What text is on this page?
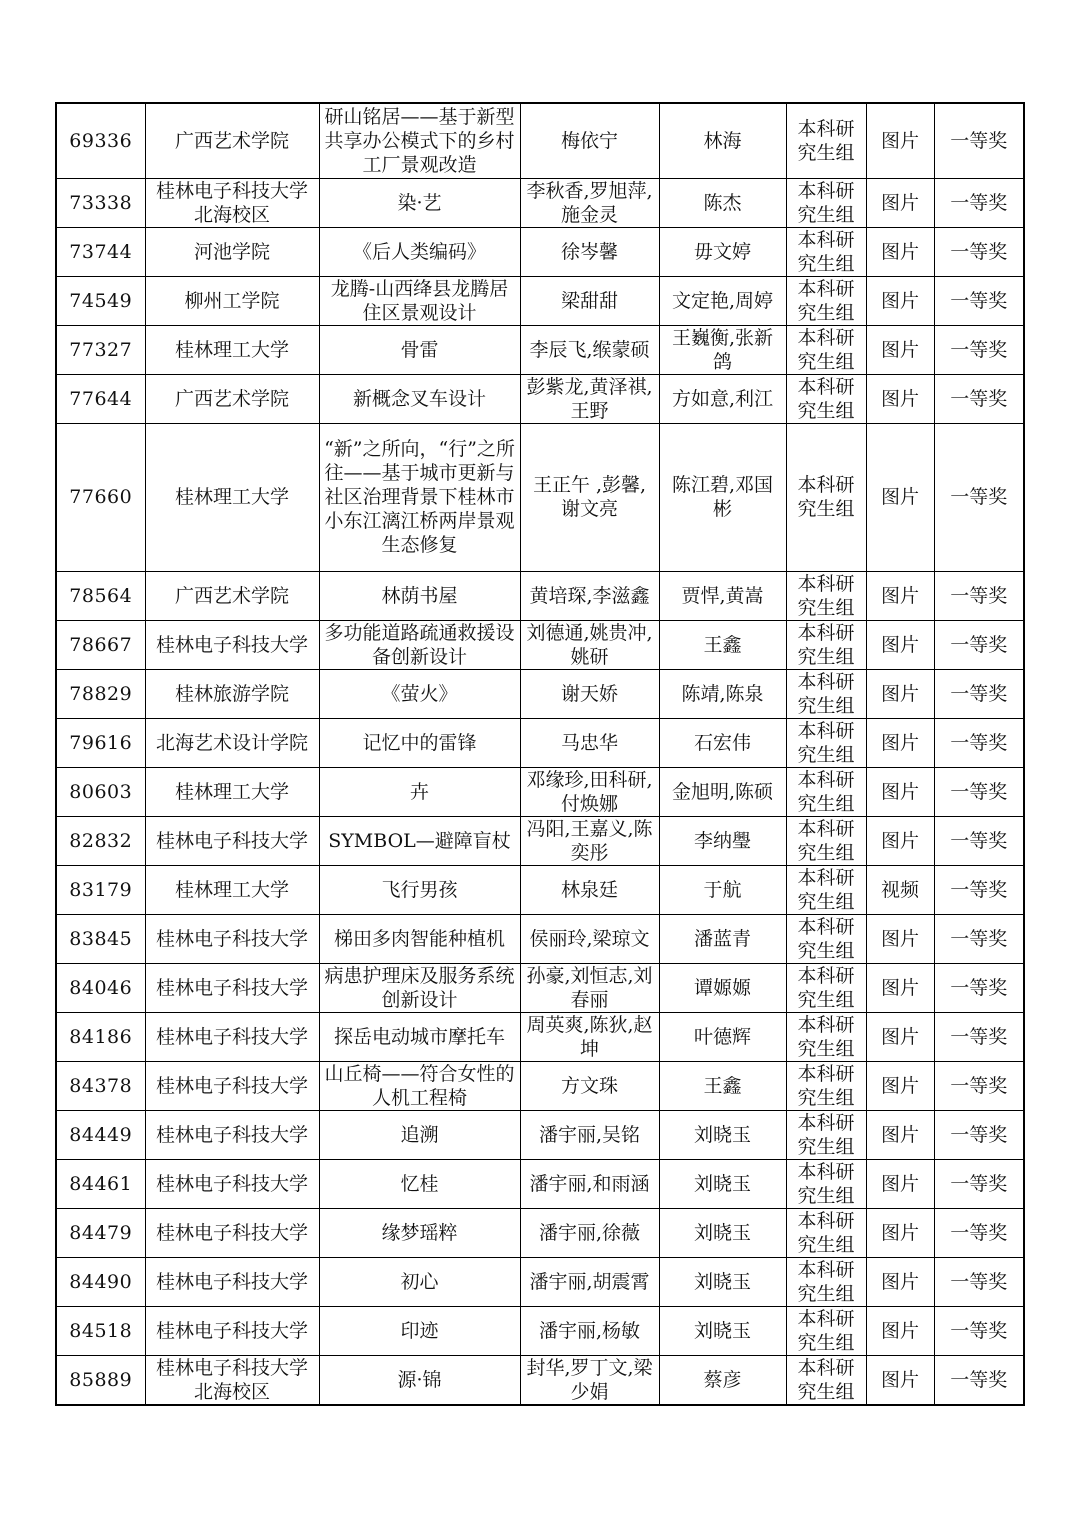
69336	广西艺术学院	研山铭居——基于新型共享办公模式下的乡村工厂景观改造	梅依宁	林海	本科研究生组	图片	一等奖
73338	桂林电子科技大学北海校区	染·艺	李秋香,罗旭萍,施金灵	陈杰	本科研究生组	图片	一等奖
73744	河池学院	《后人类编码》	徐岑馨	毋文婷	本科研究生组	图片	一等奖
74549	柳州工学院	龙腾-山西绛县龙腾居住区景观设计	梁甜甜	文定艳,周婷	本科研究生组	图片	一等奖
77327	桂林理工大学	骨雷	李辰飞,缑蒙硕	王巍衡,张新鸽	本科研究生组	图片	一等奖
77644	广西艺术学院	新概念叉车设计	彭紫龙,黄泽祺,王野	方如意,利江	本科研究生组	图片	一等奖
77660	桂林理工大学	“新”之所向，“行”之所往——基于城市更新与社区治理背景下桂林市小东江漓江桥两岸景观生态修复	王正午 ,彭馨,谢文亮	陈江碧,邓国彬	本科研究生组	图片	一等奖
78564	广西艺术学院	林荫书屋	黄培琛,李滋鑫	贾悍,黄嵩	本科研究生组	图片	一等奖
78667	桂林电子科技大学	多功能道路疏通救援设备创新设计	刘德通,姚贵冲,姚研	王鑫	本科研究生组	图片	一等奖
78829	桂林旅游学院	《萤火》	谢天娇	陈靖,陈泉	本科研究生组	图片	一等奖
79616	北海艺术设计学院	记忆中的雷锋	马忠华	石宏伟	本科研究生组	图片	一等奖
80603	桂林理工大学	卉	邓缘珍,田科研,付焕娜	金旭明,陈硕	本科研究生组	图片	一等奖
82832	桂林电子科技大学	SYMBOL—避障盲杖	冯阳,王嘉义,陈奕彤	李纳璺	本科研究生组	图片	一等奖
83179	桂林理工大学	飞行男孩	林泉廷	于航	本科研究生组	视频	一等奖
83845	桂林电子科技大学	梯田多肉智能种植机	侯丽玲,梁琼文	潘蓝青	本科研究生组	图片	一等奖
84046	桂林电子科技大学	病患护理床及服务系统创新设计	孙豪,刘恒志,刘春丽	谭嫄嫄	本科研究生组	图片	一等奖
84186	桂林电子科技大学	探岳电动城市摩托车	周英爽,陈狄,赵坤	叶德辉	本科研究生组	图片	一等奖
84378	桂林电子科技大学	山丘椅——符合女性的人机工程椅	方文珠	王鑫	本科研究生组	图片	一等奖
84449	桂林电子科技大学	追溯	潘宇丽,吴铭	刘晓玉	本科研究生组	图片	一等奖
84461	桂林电子科技大学	忆桂	潘宇丽,和雨涵	刘晓玉	本科研究生组	图片	一等奖
84479	桂林电子科技大学	缘梦瑶粹	潘宇丽,徐薇	刘晓玉	本科研究生组	图片	一等奖
84490	桂林电子科技大学	初心	潘宇丽,胡震霄	刘晓玉	本科研究生组	图片	一等奖
84518	桂林电子科技大学	印迹	潘宇丽,杨敏	刘晓玉	本科研究生组	图片	一等奖
85889	桂林电子科技大学北海校区	源·锦	封华,罗丁文,梁少娟	蔡彦	本科研究生组	图片	一等奖
